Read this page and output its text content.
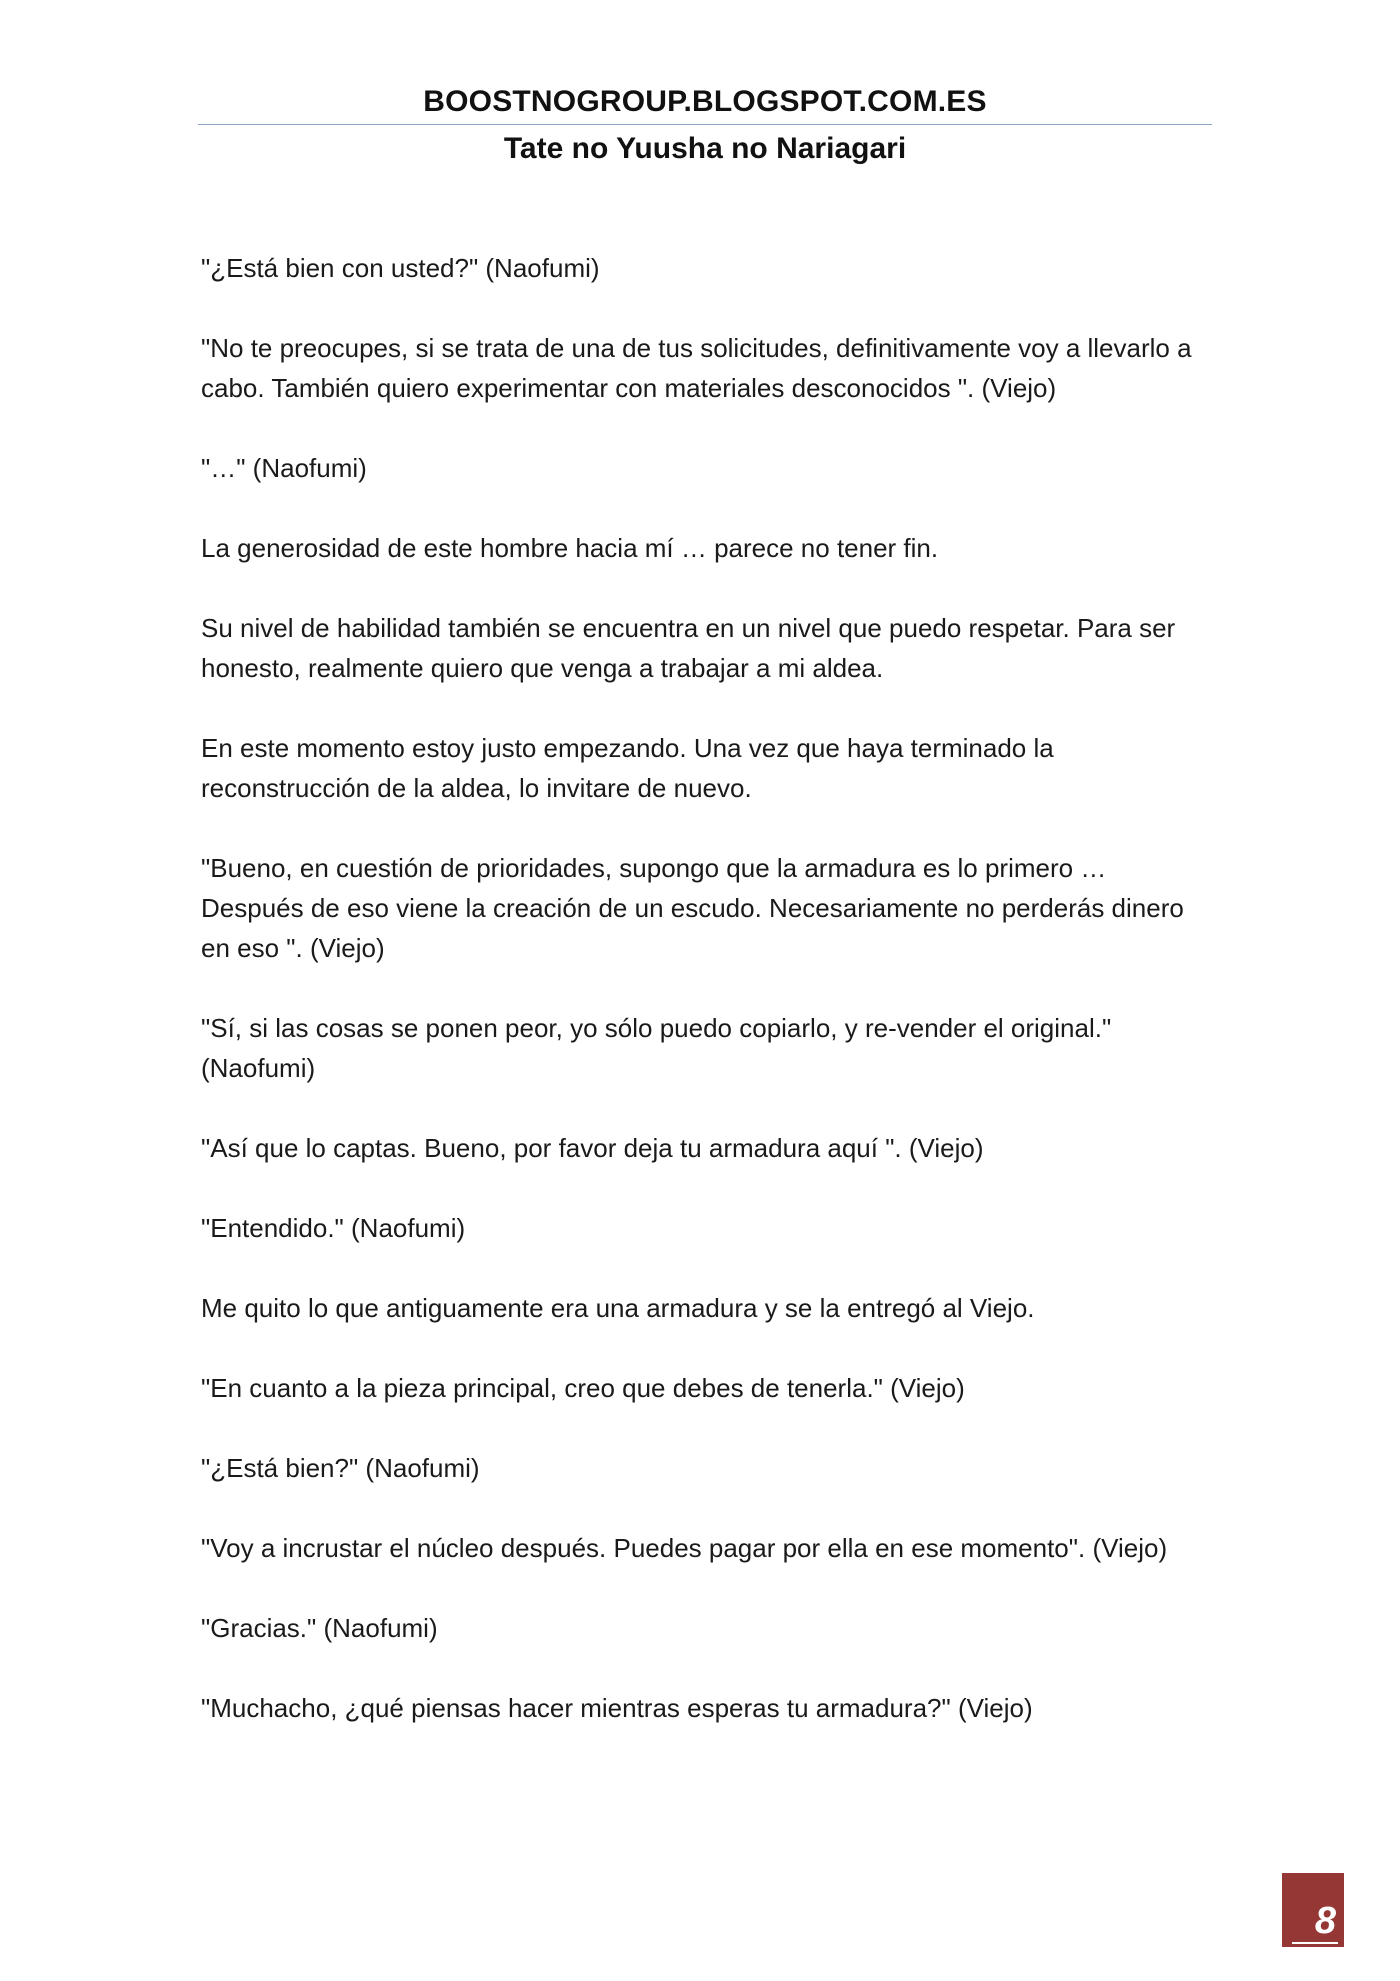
BOOSTNOGROUP.BLOGSPOT.COM.ES
Tate no Yuusha no Nariagari

"¿Está bien con usted?" (Naofumi)

"No te preocupes, si se trata de una de tus solicitudes, definitivamente voy a llevarlo a cabo. También quiero experimentar con materiales desconocidos ". (Viejo)

"…" (Naofumi)

La generosidad de este hombre hacia mí … parece no tener fin.

Su nivel de habilidad también se encuentra en un nivel que puedo respetar. Para ser honesto, realmente quiero que venga a trabajar a mi aldea.

En este momento estoy justo empezando. Una vez que haya terminado la reconstrucción de la aldea, lo invitare de nuevo.

"Bueno, en cuestión de prioridades, supongo que la armadura es lo primero … Después de eso viene la creación de un escudo. Necesariamente no perderás dinero en eso ". (Viejo)

"Sí, si las cosas se ponen peor, yo sólo puedo copiarlo, y re-vender el original." (Naofumi)

"Así que lo captas. Bueno, por favor deja tu armadura aquí ". (Viejo)

"Entendido." (Naofumi)

Me quito lo que antiguamente era una armadura y se la entregó al Viejo.

"En cuanto a la pieza principal, creo que debes de tenerla." (Viejo)

"¿Está bien?" (Naofumi)

"Voy a incrustar el núcleo después. Puedes pagar por ella en ese momento". (Viejo)

"Gracias." (Naofumi)

"Muchacho, ¿qué piensas hacer mientras esperas tu armadura?" (Viejo)

8
